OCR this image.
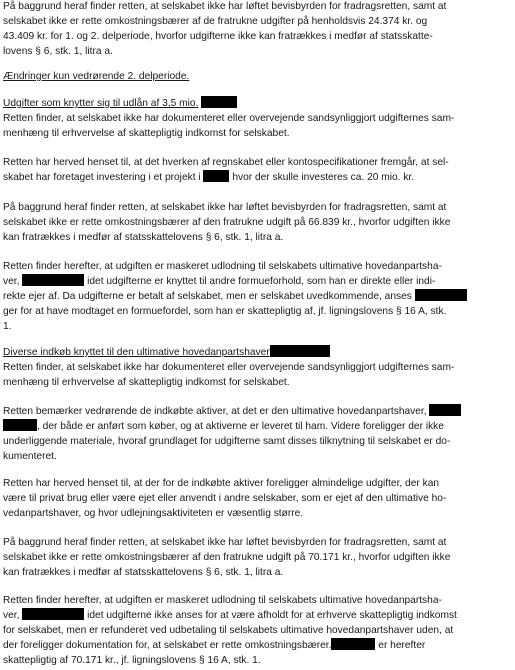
På baggrund heraf finder retten, at selskabet ikke har løftet bevisbyrden for fradragsretten, samt at
selskabet ikke er rette omkostningsbærer af de fratrukne udgifter på henholdsvis 24.374 kr. og
43.409 kr. for 1. og 2. delperiode, hvorfor udgifterne ikke kan fratrækkes i medfør af statsskatte-
lovens § 6, stk. 1, litra a.
Ændringer kun vedrørende 2. delperiode.
Udgifter som knytter sig til udlån af 3,5 mio.
Retten finder, at selskabet ikke har dokumenteret eller overvejende sandsynliggjort udgifternes sam-
menhæng til erhvervelse af skattepligtig indkomst for selskabet.
Retten har herved henset til, at det hverken af regnskabet eller kontospecifikationer fremgår, at sel-
skabet har foretaget investering i et projekt i	hvor der skulle investeres ca. 20 mio. kr.
På baggrund heraf finder retten, at selskabet ikke har løftet bevisbyrden for fradragsretten, samt at
selskabet ikke er rette omkostningsbærer af den fratrukne udgift på 66.839 kr., hvorfor udgiften ikke
kan fratrækkes i medfør af statsskattelovens § 6, stk. 1, litra a.
Retten finder herefter, at udgiften er maskeret udlodning til selskabets ultimative hovedanpartsha-
ver,	idet udgifterne er knyttet til andre formueforhold, som han er direkte eller indi-
rekte ejer af. Da udgifterne er betalt af selskabet, men er selskabet uvedkommende, anses
ger for at have modtaget en formuefordel, som han er skattepligtig af, jf. ligningslovens § 16 A, stk.
1.
Diverse indkøb knyttet til den ultimative hovedanpartshaver
Retten finder, at selskabet ikke har dokumenteret eller overvejende sandsynliggjort udgifternes sam-
menhæng til erhvervelse af skattepligtig indkomst for selskabet.
Retten bemærker vedrørende de indkøbte aktiver, at det er den ultimative hovedanpartshaver,
, der både er anført som køber, og at aktiverne er leveret til ham. Videre foreligger der ikke
underliggende materiale, hvoraf grundlaget for udgifterne samt disses tilknytning til selskabet er do-
kumenteret.
Retten har herved henset til, at der for de indkøbte aktiver foreligger almindelige udgifter, der kan
være til privat brug eller være ejet eller anvendt i andre selskaber, som er ejet af den ultimative ho-
vedanpartshaver, og hvor udlejningsaktiviteten er væsentlig større.
På baggrund heraf finder retten, at selskabet ikke har løftet bevisbyrden for fradragsretten, samt at
selskabet ikke er rette omkostningsbærer af den fratrukne udgift på 70.171 kr., hvorfor udgiften ikke
kan fratrækkes i medfør af statsskattelovens § 6, stk. 1, litra a.
Retten finder herefter, at udgiften er maskeret udlodning til selskabets ultimative hovedanpartsha-
ver,	idet udgifterne ikke anses for at være afholdt for at erhverve skattepligtig indkomst
for selskabet, men er refunderet ved udbetaling til selskabets ultimative hovedanpartshaver uden, at
der foreligger dokumentation for, at selskabet er rette omkostningsbærer.	er herefter
skattepligtig af 70.171 kr., jf. ligningslovens § 16 A, stk. 1.
